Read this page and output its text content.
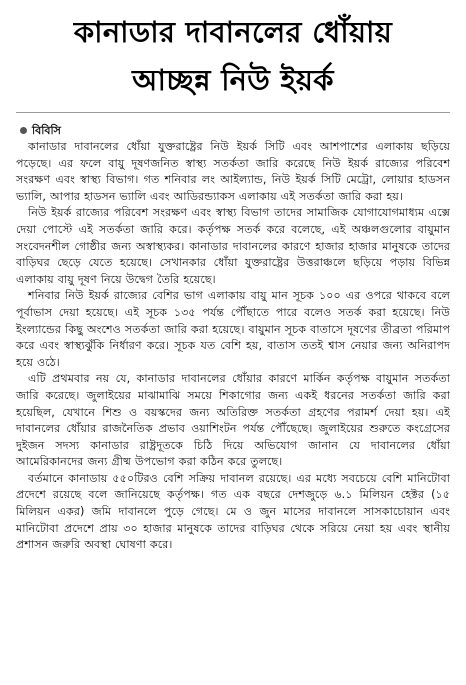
কানাডার দাবানলের ধোঁয়ায়
আচ্ছন্ন নিউ ইয়র্ক
বিবিসি

কানাডার দাবানলের ধোঁয়া যুক্তরাষ্ট্রের নিউ ইয়র্ক সিটি এবং আশপাশের এলাকায় ছড়িয়ে পড়েছে। এর ফলে বায়ু দূষণজনিত স্বাস্থ্য সতর্কতা জারি করেছে নিউ ইয়র্ক রাজ্যের পরিবেশ সংরক্ষণ এবং স্বাস্থ্য বিভাগ। গত শনিবার লং আইল্যান্ড, নিউ ইয়র্ক সিটি মেট্রো, লোয়ার হাডসন ভ্যালি, আপার হাডসন ভ্যালি এবং আডিরন্ড্যাকস এলাকায় এই সতর্কতা জারি করা হয়।

নিউ ইয়র্ক রাজ্যের পরিবেশ সংরক্ষণ এবং স্বাস্থ্য বিভাগ তাদের সামাজিক যোগাযোগমাধ্যম এক্সে দেয়া পোস্টে এই সতর্কতা জারি করে। কর্তৃপক্ষ সতর্ক করে বলেছে, এই অঞ্চলগুলোর বায়ুমান সংবেদনশীল গোষ্ঠীর জন্য অস্বাস্থ্যকর। কানাডার দাবানলের কারণে হাজার হাজার মানুষকে তাদের বাড়িঘর ছেড়ে যেতে হয়েছে। সেখানকার ধোঁয়া যুক্তরাষ্ট্রের উত্তরাঞ্চলে ছড়িয়ে পড়ায় বিভিন্ন এলাকায় বায়ু দূষণ নিয়ে উদ্বেগ তৈরি হয়েছে।

শনিবার নিউ ইয়র্ক রাজ্যের বেশির ভাগ এলাকায় বায়ু মান সূচক ১০০ এর ওপরে থাকবে বলে পূর্বাভাস দেয়া হয়েছে। এই সূচক ১৩৫ পর্যন্ত পৌঁছাতে পারে বলেও সতর্ক করা হয়েছে। নিউ ইংল্যান্ডের কিছু অংশেও সতর্কতা জারি করা হয়েছে। বায়ুমান সূচক বাতাসে দূষণের তীব্রতা পরিমাপ করে এবং স্বাস্থ্যঝুঁকি নির্ধারণ করে। সূচক যত বেশি হয়, বাতাস ততই শ্বাস নেয়ার জন্য অনিরাপদ হয়ে ওঠে।

এটি প্রথমবার নয় যে, কানাডার দাবানলের ধোঁয়ার কারণে মার্কিন কর্তৃপক্ষ বায়ুমান সতর্কতা জারি করেছে। জুলাইয়ের মাঝামাঝি সময়ে শিকাগোর জন্য একই ধরনের সতর্কতা জারি করা হয়েছিল, যেখানে শিশু ও বয়স্কদের জন্য অতিরিক্ত সতর্কতা গ্রহণের পরামর্শ দেয়া হয়। এই দাবানলের ধোঁয়ার রাজনৈতিক প্রভাব ওয়াশিংটন পর্যন্ত পৌঁছেছে। জুলাইয়ের শুরুতে কংগ্রেসের দুইজন সদস্য কানাডার রাষ্ট্রদূতকে চিঠি দিয়ে অভিযোগ জানান যে দাবানলের ধোঁয়া আমেরিকানদের জন্য গ্রীষ্ম উপভোগ করা কঠিন করে তুলছে।

বর্তমানে কানাডায় ৫৫০টিরও বেশি সক্রিয় দাবানল রয়েছে। এর মধ্যে সবচেয়ে বেশি মানিটোবা প্রদেশে রয়েছে বলে জানিয়েছে কর্তৃপক্ষ। গত এক বছরে দেশজুড়ে ৬.১ মিলিয়ন হেক্টর (১৫ মিলিয়ন একর) জমি দাবানলে পুড়ে গেছে। মে ও জুন মাসের দাবানলে সাসকাচোয়ান এবং মানিটোবা প্রদেশে প্রায় ৩০ হাজার মানুষকে তাদের বাড়িঘর থেকে সরিয়ে নেয়া হয় এবং স্থানীয় প্রশাসন জরুরি অবস্থা ঘোষণা করে।
